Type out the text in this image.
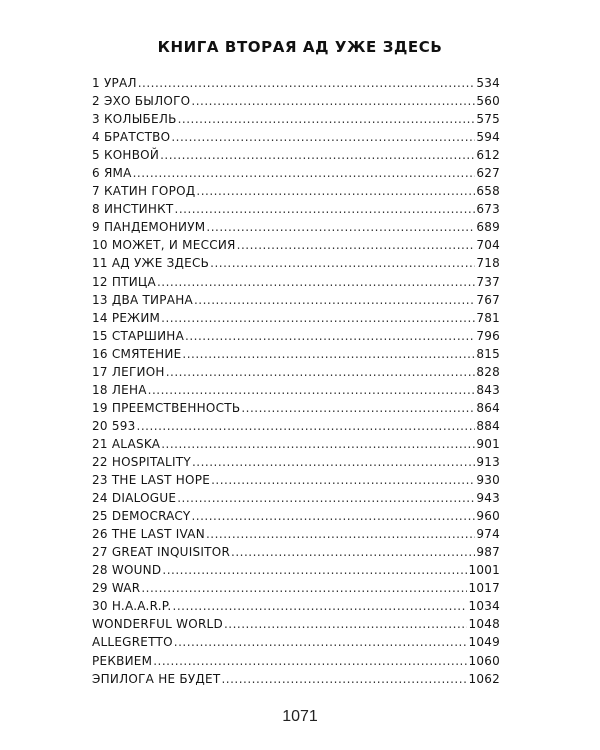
КНИГА ВТОРАЯ АД УЖЕ ЗДЕСЬ
1 УРАЛ .....	534
2 ЭХО БЫЛОГО .....	560
3 КОЛЫБЕЛЬ .....	575
4 БРАТСТВО .....	594
5 КОНВОЙ .....	612
6 ЯМА .....	627
7 КАТИН ГОРОД .....	658
8 ИНСТИНКТ .....	673
9 ПАНДЕМОНИУМ .....	689
10 МОЖЕТ, И МЕССИЯ .....	704
11 АД УЖЕ ЗДЕСЬ .....	718
12 ПТИЦА .....	737
13 ДВА ТИРАНА .....	767
14 РЕЖИМ .....	781
15 СТАРШИНА .....	796
16 СМЯТЕНИЕ .....	815
17 ЛЕГИОН .....	828
18 ЛЕНА .....	843
19 ПРЕЕМСТВЕННОСТЬ .....	864
20 593 .....	884
21 ALASKA .....	901
22 HOSPITALITY .....	913
23 THE LAST HOPE .....	930
24 DIALOGUE .....	943
25 DEMOCRACY .....	960
26 THE LAST IVAN .....	974
27 GREAT INQUISITOR .....	987
28 WOUND .....	1001
29 WAR .....	1017
30 H.A.A.R.P. .....	1034
WONDERFUL WORLD .....	1048
ALLEGRETTO .....	1049
РЕКВИЕМ .....	1060
ЭПИЛОГА НЕ БУДЕТ .....	1062
1071
